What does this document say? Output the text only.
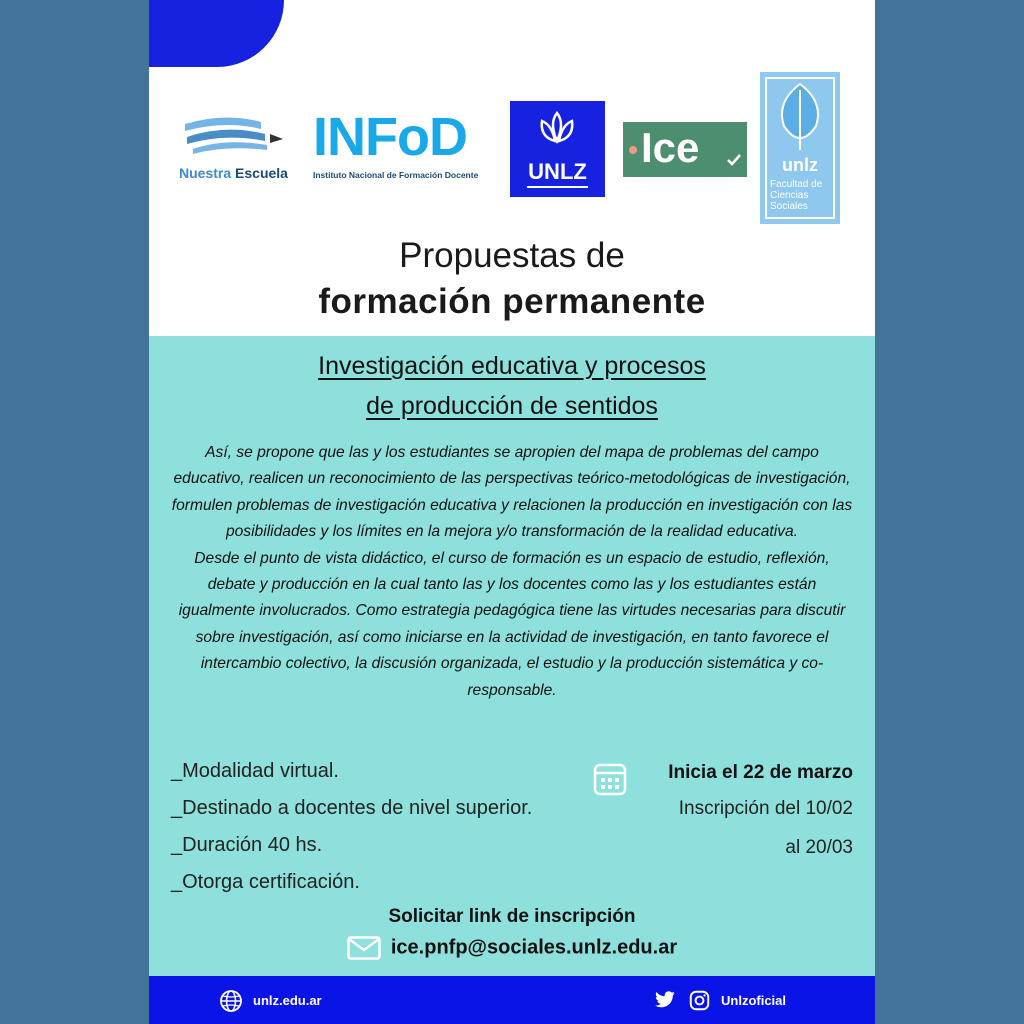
Nuestra Escuela
INFoD
Instituto Nacional de Formación Docente	UNLZ
Ice	unlz
Facultad de
Ciencias
Sociales
Propuestas de
formación permanente
Investigación educativa y procesos
de producción de sentidos
Así, se propone que las y los estudiantes se apropien del mapa de problemas del campo educativo, realicen un reconocimiento de las perspectivas teórico-metodológicas de investigación, formulen problemas de investigación educativa y relacionen la producción en investigación con las posibilidades y los límites en la mejora y/o transformación de la realidad educativa.
Desde el punto de vista didáctico, el curso de formación es un espacio de estudio, reflexión, debate y producción en la cual tanto las y los docentes como las y los estudiantes están igualmente involucrados. Como estrategia pedagógica tiene las virtudes necesarias para discutir sobre investigación, así como iniciarse en la actividad de investigación, en tanto favorece el intercambio colectivo, la discusión organizada, el estudio y la producción sistemática y co-responsable.
_Modalidad virtual.
_Destinado a docentes de nivel superior.
_Duración 40 hs.
_Otorga certificación.
Inicia el 22 de marzo
Inscripción del 10/02
al 20/03
Solicitar link de inscripción
ice.pnfp@sociales.unlz.edu.ar
unlz.edu.ar	Unlzoficial
